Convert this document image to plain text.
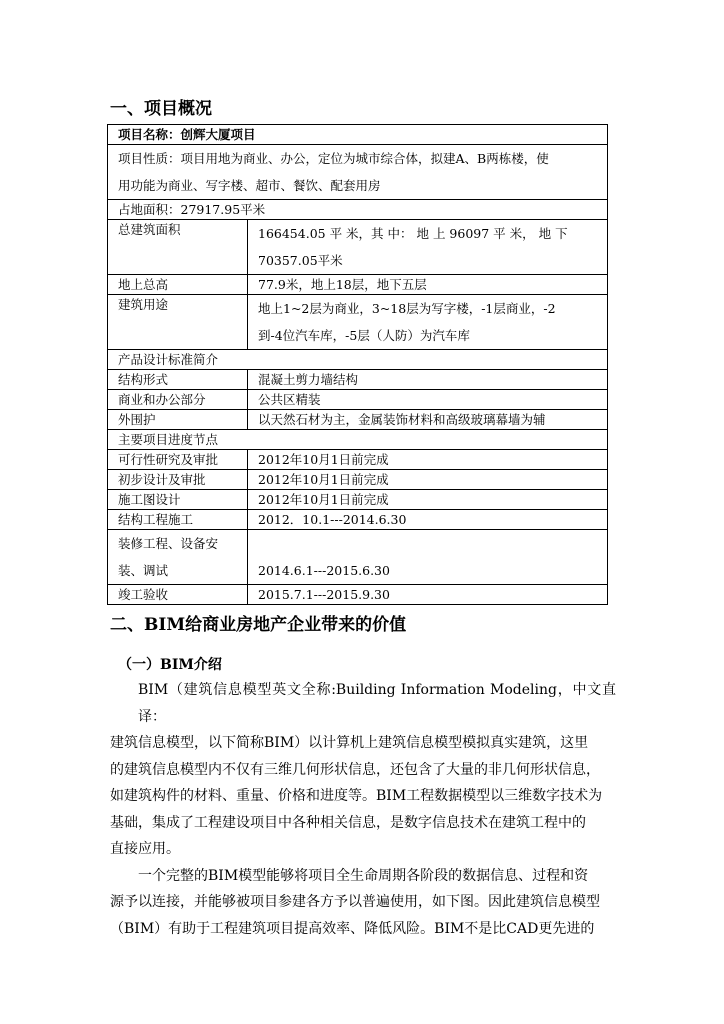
一、项目概况
项目名称：创辉大厦项目	

项目性质：项目用地为商业、办公，定位为城市综合体，拟建A、B两栋楼，使
用功能为商业、写字楼、超市、餐饮、配套用房	

占地面积：27917.95平米	
总建筑面积	166454.05 平 米，其 中： 地 上 96097 平 米， 地 下
70357.05平米

地上总高	77.9米，地上18层，地下五层
建筑用途	地上1~2层为商业，3~18层为写字楼，-1层商业，-2
到-4位汽车库，-5层（人防）为汽车库

产品设计标准简介	
结构形式	混凝土剪力墙结构
商业和办公部分	公共区精装
外围护	以天然石材为主，金属装饰材料和高级玻璃幕墙为辅
主要项目进度节点	
可行性研究及审批	2012年10月1日前完成
初步设计及审批	2012年10月1日前完成
施工图设计	2012年10月1日前完成
结构工程施工	2012．10.1---2014.6.30

装修工程、设备安
装、调试	2014.6.1---2015.6.30
竣工验收	2015.7.1---2015.9.30
二、BIM给商业房地产企业带来的价值
（一）BIM介绍
BIM（建筑信息模型英文全称:Building Information Modeling，中文直译：
建筑信息模型，以下简称BIM）以计算机上建筑信息模型模拟真实建筑，这里
的建筑信息模型内不仅有三维几何形状信息，还包含了大量的非几何形状信息，
如建筑构件的材料、重量、价格和进度等。BIM工程数据模型以三维数字技术为
基础，集成了工程建设项目中各种相关信息，是数字信息技术在建筑工程中的
直接应用。
一个完整的BIM模型能够将项目全生命周期各阶段的数据信息、过程和资
源予以连接，并能够被项目参建各方予以普遍使用，如下图。因此建筑信息模型
（BIM）有助于工程建筑项目提高效率、降低风险。BIM不是比CAD更先进的
